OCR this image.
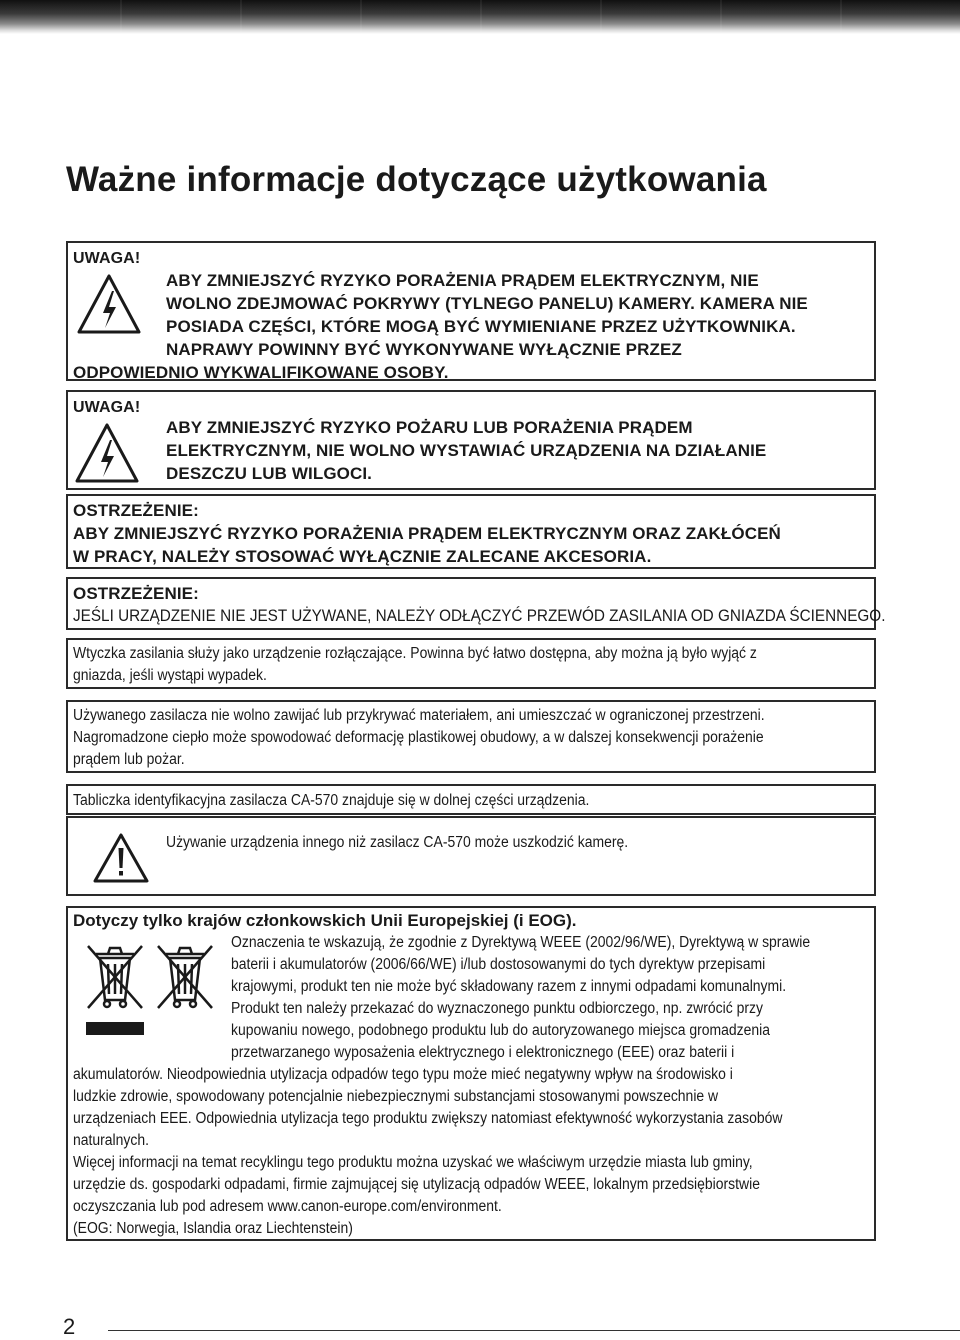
Ważne informacje dotyczące użytkowania
UWAGA!
ABY ZMNIEJSZYĆ RYZYKO PORAŻENIA PRĄDEM ELEKTRYCZNYM, NIE
WOLNO ZDEJMOWAĆ POKRYWY (TYLNEGO PANELU) KAMERY. KAMERA NIE
POSIADA CZĘŚCI, KTÓRE MOGĄ BYĆ WYMIENIANE PRZEZ UŻYTKOWNIKA.
NAPRAWY POWINNY BYĆ WYKONYWANE WYŁĄCZNIE PRZEZ
ODPOWIEDNIO WYKWALIFIKOWANE OSOBY.
UWAGA!
ABY ZMNIEJSZYĆ RYZYKO POŻARU LUB PORAŻENIA PRĄDEM
ELEKTRYCZNYM, NIE WOLNO WYSTAWIAĆ URZĄDZENIA NA DZIAŁANIE
DESZCZU LUB WILGOCI.
OSTRZEŻENIE:
ABY ZMNIEJSZYĆ RYZYKO PORAŻENIA PRĄDEM ELEKTRYCZNYM ORAZ ZAKŁÓCEŃ
W PRACY, NALEŻY STOSOWAĆ WYŁĄCZNIE ZALECANE AKCESORIA.
OSTRZEŻENIE:
JEŚLI URZĄDZENIE NIE JEST UŻYWANE, NALEŻY ODŁĄCZYĆ PRZEWÓD ZASILANIA OD GNIAZDA ŚCIENNEGO.
Wtyczka zasilania służy jako urządzenie rozłączające. Powinna być łatwo dostępna, aby można ją było wyjąć z
gniazda, jeśli wystąpi wypadek.
Używanego zasilacza nie wolno zawijać lub przykrywać materiałem, ani umieszczać w ograniczonej przestrzeni.
Nagromadzone ciepło może spowodować deformację plastikowej obudowy, a w dalszej konsekwencji porażenie
prądem lub pożar.
Tabliczka identyfikacyjna zasilacza CA-570 znajduje się w dolnej części urządzenia.
Używanie urządzenia innego niż zasilacz CA-570 może uszkodzić kamerę.
Dotyczy tylko krajów członkowskich Unii Europejskiej (i EOG).
Oznaczenia te wskazują, że zgodnie z Dyrektywą WEEE (2002/96/WE), Dyrektywą w sprawie
baterii i akumulatorów (2006/66/WE) i/lub dostosowanymi do tych dyrektyw przepisami
krajowymi, produkt ten nie może być składowany razem z innymi odpadami komunalnymi.
Produkt ten należy przekazać do wyznaczonego punktu odbiorczego, np. zwrócić przy
kupowaniu nowego, podobnego produktu lub do autoryzowanego miejsca gromadzenia
przetwarzanego wyposażenia elektrycznego i elektronicznego (EEE) oraz baterii i
akumulatorów. Nieodpowiednia utylizacja odpadów tego typu może mieć negatywny wpływ na środowisko i
ludzkie zdrowie, spowodowany potencjalnie niebezpiecznymi substancjami stosowanymi powszechnie w
urządzeniach EEE. Odpowiednia utylizacja tego produktu zwiększy natomiast efektywność wykorzystania zasobów
naturalnych.
Więcej informacji na temat recyklingu tego produktu można uzyskać we właściwym urzędzie miasta lub gminy,
urzędzie ds. gospodarki odpadami, firmie zajmującej się utylizacją odpadów WEEE, lokalnym przedsiębiorstwie
oczyszczania lub pod adresem www.canon-europe.com/environment.
(EOG: Norwegia, Islandia oraz Liechtenstein)
2
